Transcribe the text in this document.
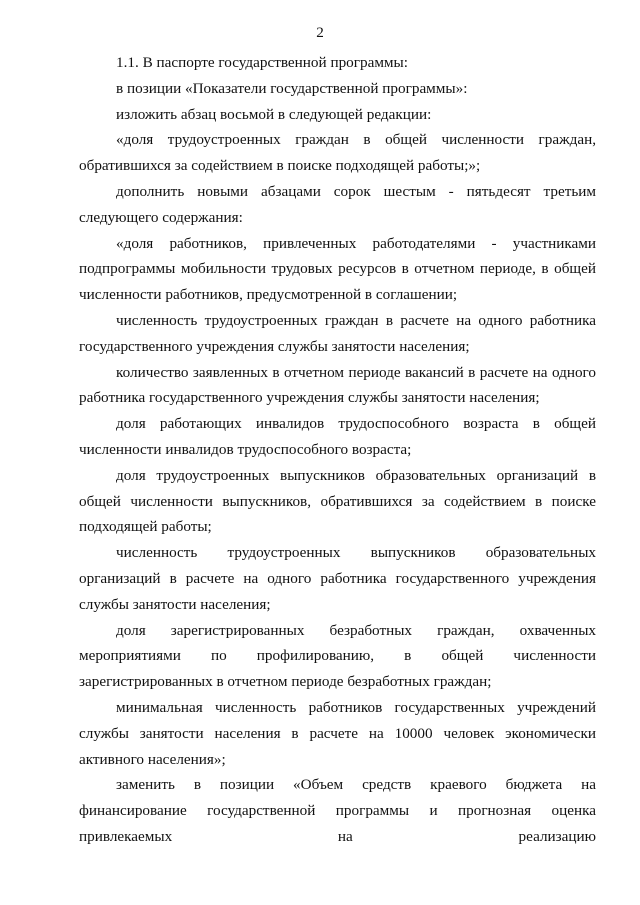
2

1.1. В паспорте государственной программы:

в позиции «Показатели государственной программы»:

изложить абзац восьмой в следующей редакции:

«доля трудоустроенных граждан в общей численности граждан, обратившихся за содействием в поиске подходящей работы;»;

дополнить новыми абзацами сорок шестым - пятьдесят третьим следующего содержания:

«доля работников, привлеченных работодателями - участниками подпрограммы мобильности трудовых ресурсов в отчетном периоде, в общей численности работников, предусмотренной в соглашении;

численность трудоустроенных граждан в расчете на одного работника государственного учреждения службы занятости населения;

количество заявленных в отчетном периоде вакансий в расчете на одного работника государственного учреждения службы занятости населения;

доля работающих инвалидов трудоспособного возраста в общей численности инвалидов трудоспособного возраста;

доля трудоустроенных выпускников образовательных организаций в общей численности выпускников, обратившихся за содействием в поиске подходящей работы;

численность трудоустроенных выпускников образовательных организаций в расчете на одного работника государственного учреждения службы занятости населения;

доля зарегистрированных безработных граждан, охваченных мероприятиями по профилированию, в общей численности зарегистрированных в отчетном периоде безработных граждан;

минимальная численность работников государственных учреждений службы занятости населения в расчете на 10000 человек экономически активного населения»;

заменить в позиции «Объем средств краевого бюджета на финансирование государственной программы и прогнозная оценка привлекаемых на реализацию
